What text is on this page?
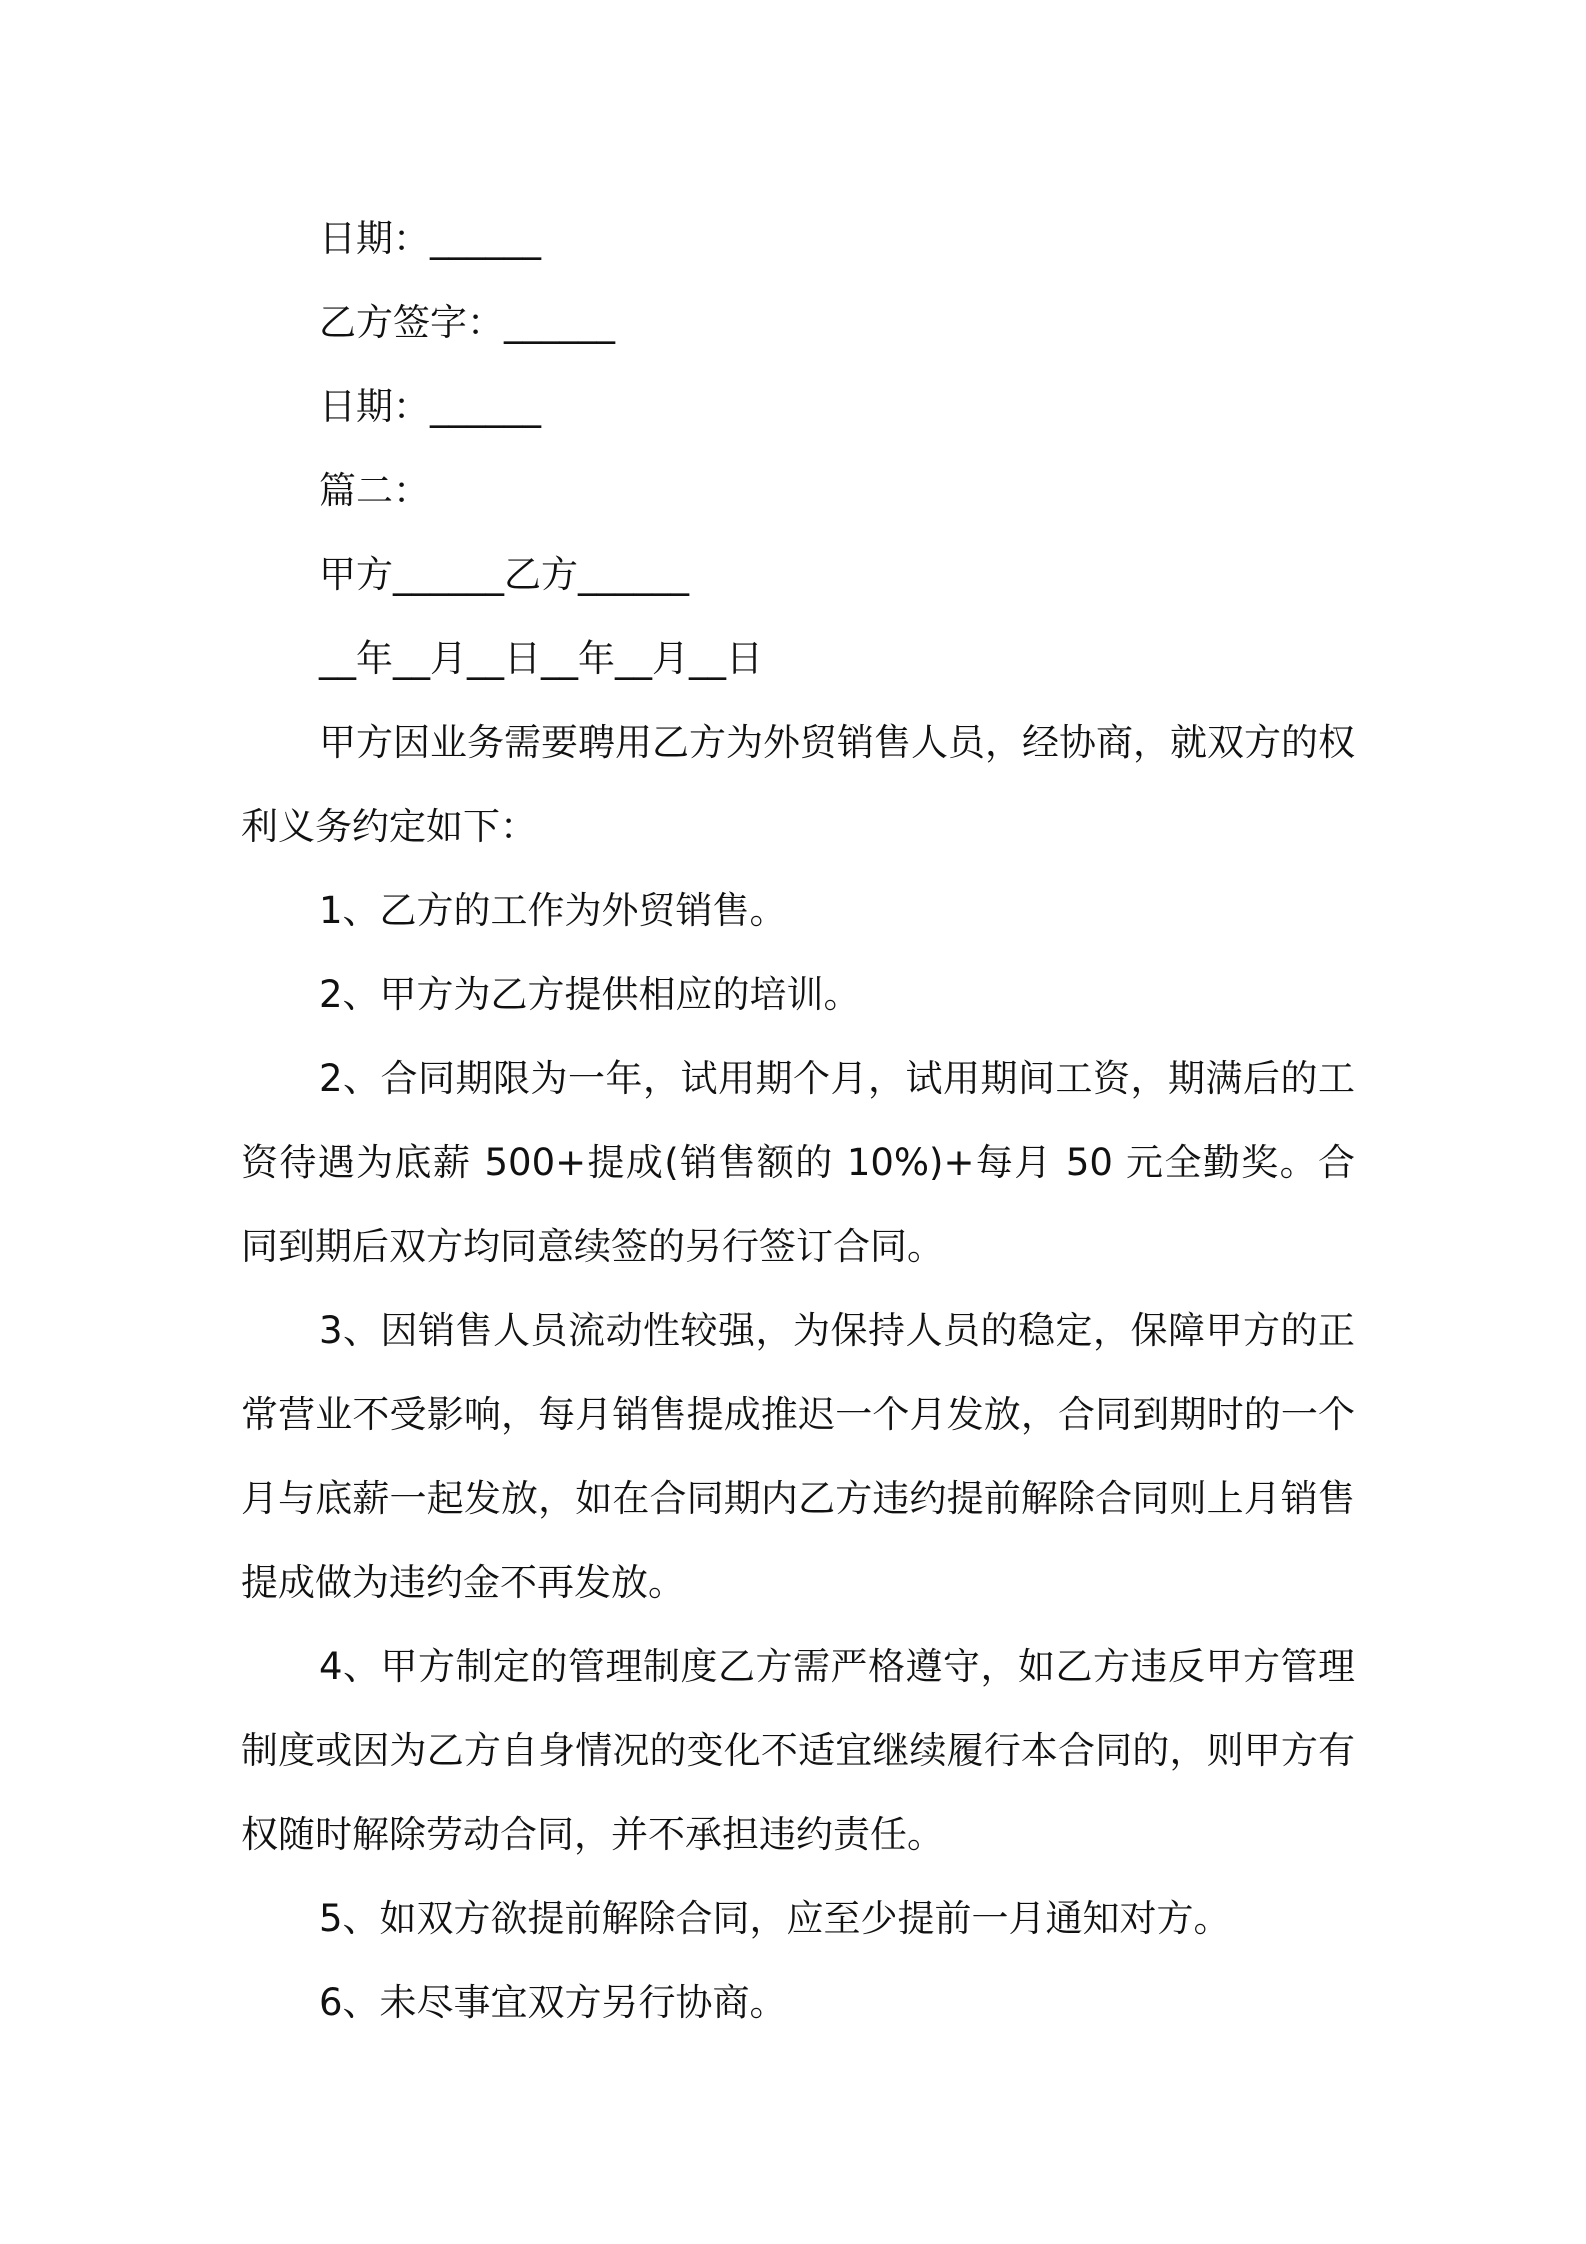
日期：______

乙方签字：______

日期：______

篇二：

甲方______乙方______

__年__月__日__年__月__日

甲方因业务需要聘用乙方为外贸销售人员，经协商，就双方的权利义务约定如下：

1、乙方的工作为外贸销售。

2、甲方为乙方提供相应的培训。

2、合同期限为一年，试用期个月，试用期间工资，期满后的工资待遇为底薪 500+提成(销售额的 10%)+每月 50 元全勤奖。合同到期后双方均同意续签的另行签订合同。

3、因销售人员流动性较强，为保持人员的稳定，保障甲方的正常营业不受影响，每月销售提成推迟一个月发放，合同到期时的一个月与底薪一起发放，如在合同期内乙方违约提前解除合同则上月销售提成做为违约金不再发放。

4、甲方制定的管理制度乙方需严格遵守，如乙方违反甲方管理制度或因为乙方自身情况的变化不适宜继续履行本合同的，则甲方有权随时解除劳动合同，并不承担违约责任。

5、如双方欲提前解除合同，应至少提前一月通知对方。

6、未尽事宜双方另行协商。
